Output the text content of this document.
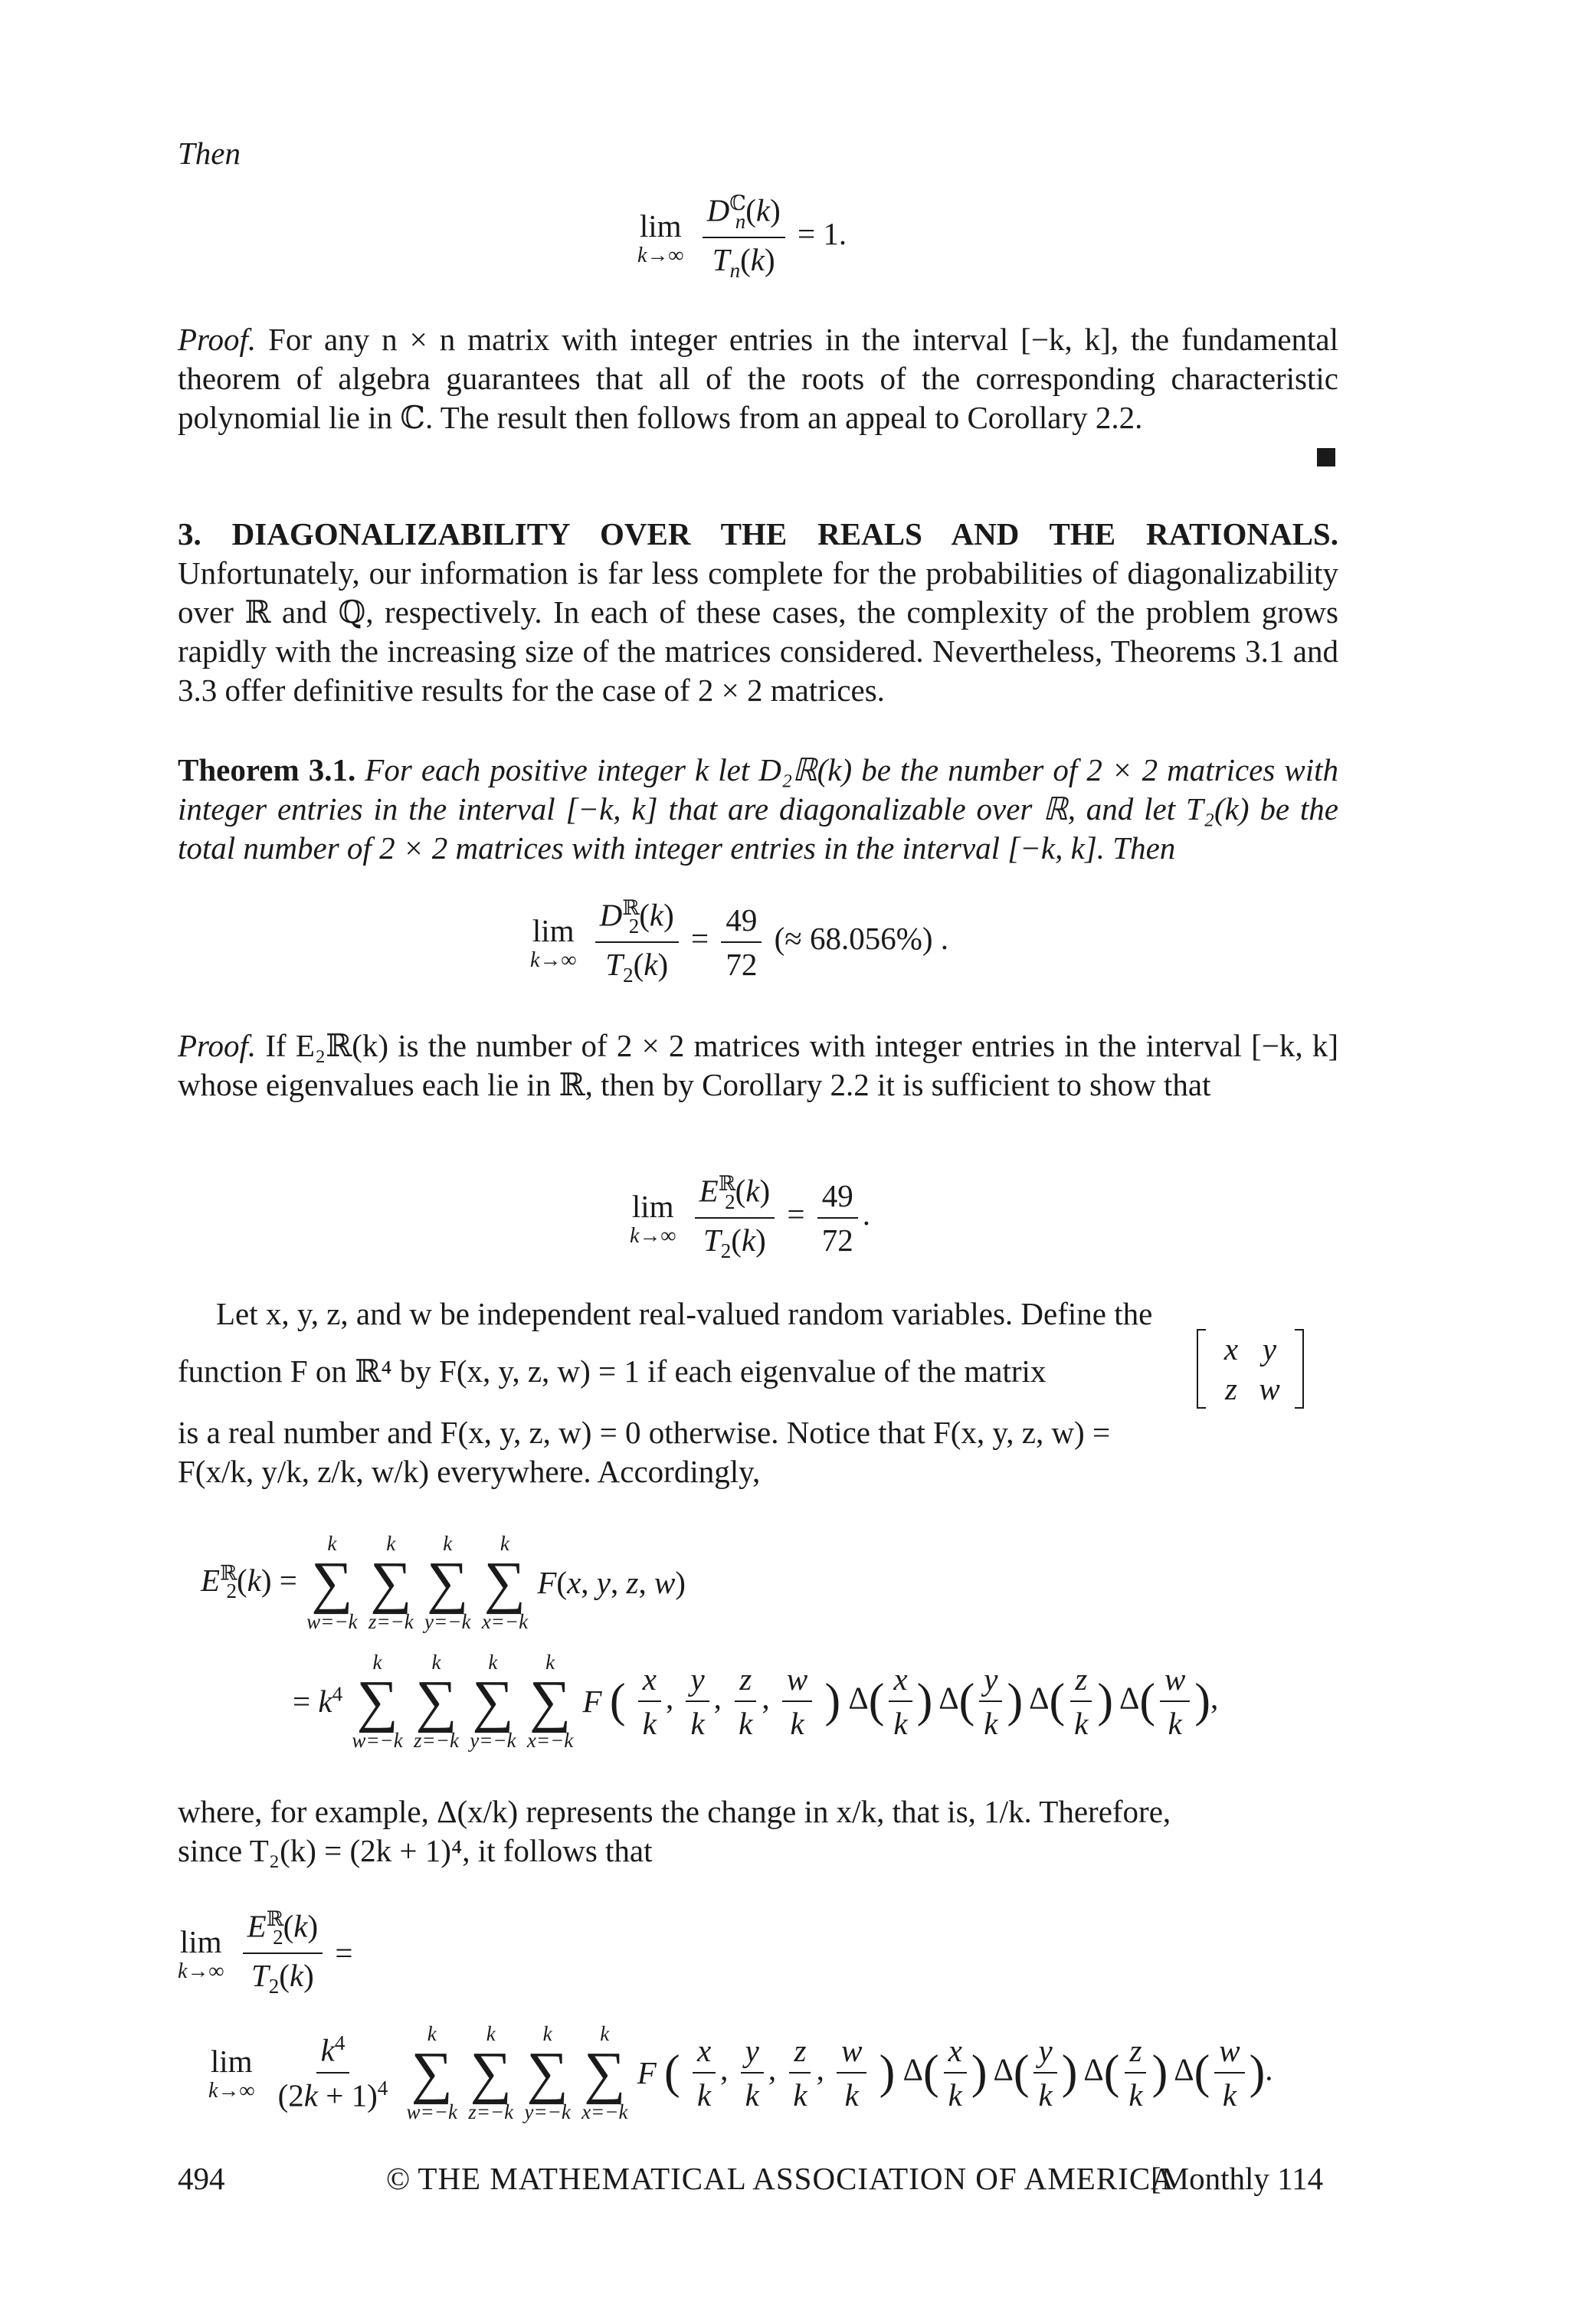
Then
lim
k→∞
$\frac{D^ℂ_n(k)}{T_n(k)} = 1$.
Proof. For any n × n matrix with integer entries in the interval [−k, k], the fundamental theorem of algebra guarantees that all of the roots of the corresponding characteristic polynomial lie in ℂ. The result then follows from an appeal to Corollary 2.2.
3. DIAGONALIZABILITY OVER THE REALS AND THE RATIONALS. Unfortunately, our information is far less complete for the probabilities of diagonalizability over ℝ and ℚ, respectively. In each of these cases, the complexity of the problem grows rapidly with the increasing size of the matrices considered. Nevertheless, Theorems 3.1 and 3.3 offer definitive results for the case of 2 × 2 matrices.
Theorem 3.1. For each positive integer k let D₂ℝ(k) be the number of 2 × 2 matrices with integer entries in the interval [−k, k] that are diagonalizable over ℝ, and let T₂(k) be the total number of 2 × 2 matrices with integer entries in the interval [−k, k]. Then
lim
k→∞
$\frac{D^ℝ_2(k)}{T_2(k)} = \frac{49}{72}$ (≈ 68.056%) .
Proof. If E₂ℝ(k) is the number of 2 × 2 matrices with integer entries in the interval [−k, k] whose eigenvalues each lie in ℝ, then by Corollary 2.2 it is sufficient to show that
lim
k→∞
$\frac{E^ℝ_2(k)}{T_2(k)} = \frac{49}{72}$ .
Let x, y, z, and w be independent real-valued random variables. Define the
function F on ℝ⁴ by F(x, y, z, w) = 1 if each eigenvalue of the matrix
x y
z w
is a real number and F(x, y, z, w) = 0 otherwise. Notice that F(x, y, z, w) =
F(x/k, y/k, z/k, w/k) everywhere. Accordingly,
$E^ℝ_2(k)$ =
k
∑
w=−k

k
∑
z=−k

k
∑
y=−k

k
∑
x=−k
F(x, y, z, w)
= $k^4$
k
∑
w=−k

k
∑
z=−k

k
∑
y=−k

k
∑
x=−k
F ( $\frac{x}{k}$ , $\frac{y}{k}$ , $\frac{z}{k}$ , $\frac{w}{k}$ ) $\Delta( \frac{x}{k}$ ) $\Delta( \frac{y}{k}$ ) $\Delta( \frac{z}{k}$ ) $\Delta( \frac{w}{k}$ ),
where, for example, Δ(x/k) represents the change in x/k, that is, 1/k. Therefore,
since T₂(k) = (2k + 1)⁴, it follows that
lim
k→∞
$\frac{E^ℝ_2(k)}{T_2(k)}$ =
lim
k→∞
$\frac{k^4}{(2k + 1)^4}$
k
∑
w=−k

k
∑
z=−k

k
∑
y=−k

k
∑
x=−k
F ( $\frac{x}{k}$ , $\frac{y}{k}$ , $\frac{z}{k}$ , $\frac{w}{k}$ ) $\Delta( \frac{x}{k}$ ) $\Delta( \frac{y}{k}$ ) $\Delta( \frac{z}{k}$ ) $\Delta( \frac{w}{k}$ ).
494	© THE MATHEMATICAL ASSOCIATION OF AMERICA
[Monthly 114
